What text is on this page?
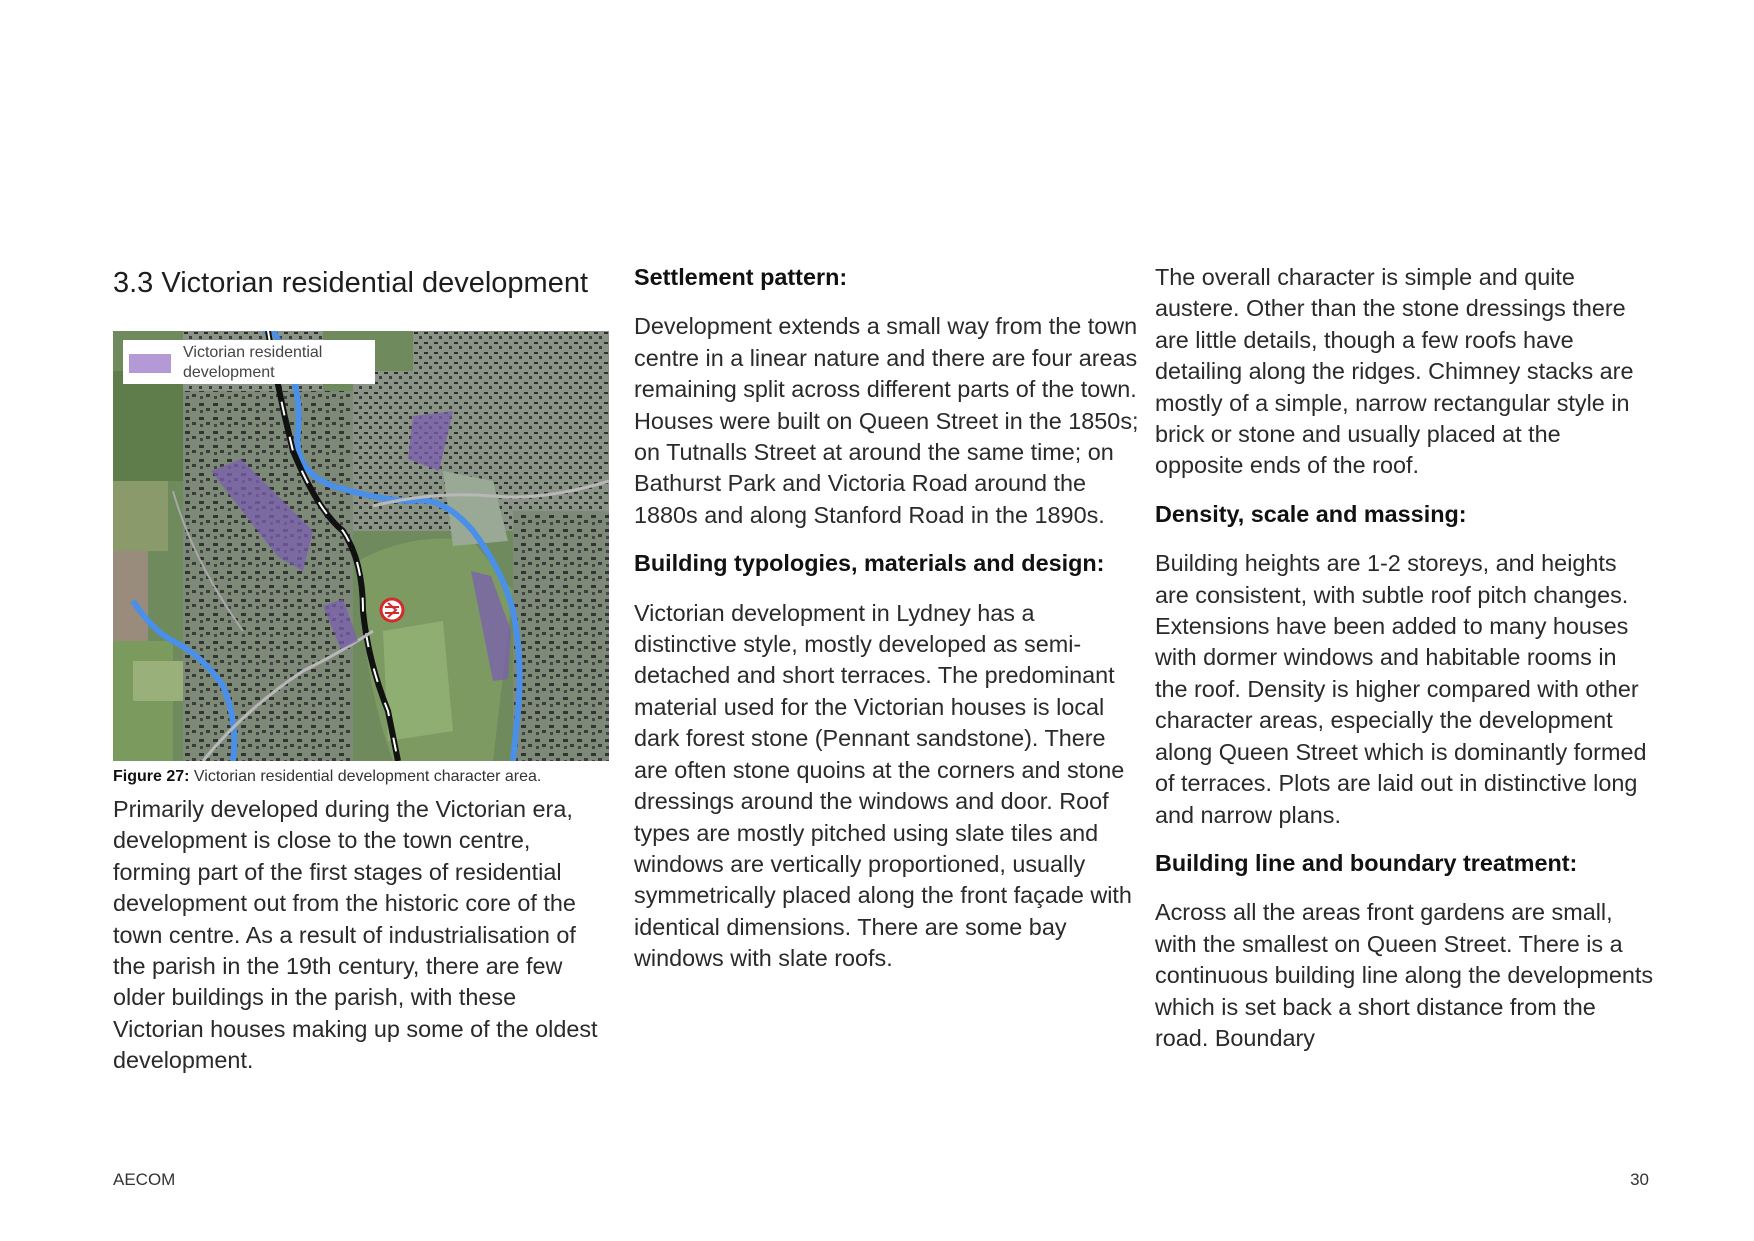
3.3 Victorian residential development
Victorian residential development

Figure 27: Victorian residential development character area.

Primarily developed during the Victorian era, development is close to the town centre, forming part of the first stages of residential development out from the historic core of the town centre. As a result of industrialisation of the parish in the 19th century, there are few older buildings in the parish, with these Victorian houses making up some of the oldest development.

Settlement pattern:

Development extends a small way from the town centre in a linear nature and there are four areas remaining split across different parts of the town. Houses were built on Queen Street in the 1850s; on Tutnalls Street at around the same time; on Bathurst Park and Victoria Road around the 1880s and along Stanford Road in the 1890s.

Building typologies, materials and design:

Victorian development in Lydney has a distinctive style, mostly developed as semi-detached and short terraces. The predominant material used for the Victorian houses is local dark forest stone (Pennant sandstone). There are often stone quoins at the corners and stone dressings around the windows and door. Roof types are mostly pitched using slate tiles and windows are vertically proportioned, usually symmetrically placed along the front façade with identical dimensions. There are some bay windows with slate roofs.

The overall character is simple and quite austere. Other than the stone dressings there are little details, though a few roofs have detailing along the ridges. Chimney stacks are mostly of a simple, narrow rectangular style in brick or stone and usually placed at the opposite ends of the roof.

Density, scale and massing:

Building heights are 1-2 storeys, and heights are consistent, with subtle roof pitch changes. Extensions have been added to many houses with dormer windows and habitable rooms in the roof. Density is higher compared with other character areas, especially the development along Queen Street which is dominantly formed of terraces. Plots are laid out in distinctive long and narrow plans.

Building line and boundary treatment:

Across all the areas front gardens are small, with the smallest on Queen Street. There is a continuous building line along the developments which is set back a short distance from the road. Boundary

AECOM	30
